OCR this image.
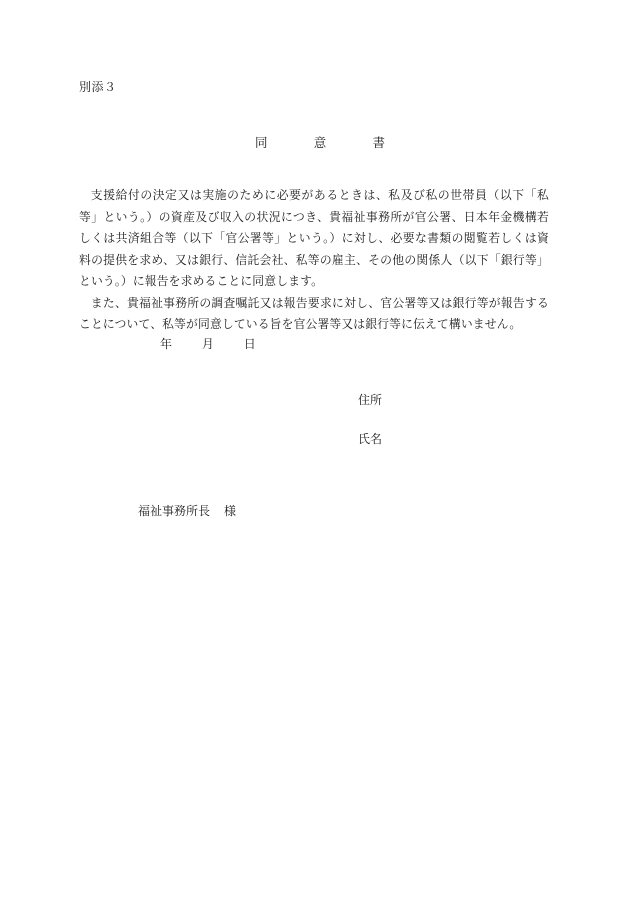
別添３
同	意	書

支援給付の決定又は実施のために必要があるときは、私及び私の世帯員（以下「私等」という。）の資産及び収入の状況につき、貴福祉事務所が官公署、日本年金機構若しくは共済組合等（以下「官公署等」という。）に対し、必要な書類の閲覧若しくは資料の提供を求め、又は銀行、信託会社、私等の雇主、その他の関係人（以下「銀行等」という。）に報告を求めることに同意します。

また、貴福祉事務所の調査嘱託又は報告要求に対し、官公署等又は銀行等が報告することについて、私等が同意している旨を官公署等又は銀行等に伝えて構いません。

年 月 日
住所
氏名
福祉事務所長 様
